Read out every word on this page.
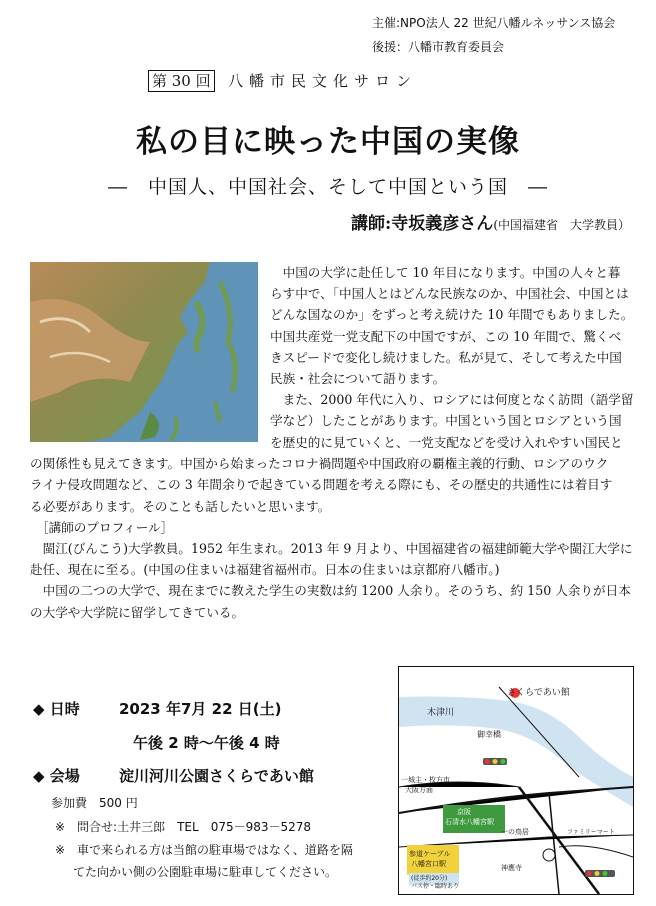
主催:NPO法人 22 世紀八幡ルネッサンス協会
後援：八幡市教育委員会
第 30 回 八幡市民文化サロン
私の目に映った中国の実像
―　中国人、中国社会、そして中国という国　―
講師:寺坂義彦さん(中国福建省　大学教員）
中国の大学に赴任して 10 年目になります。中国の人々と暮
らす中で、「中国人とはどんな民族なのか、中国社会、中国とは
どんな国なのか」をずっと考え続けた 10 年間でもありました。
中国共産党一党支配下の中国ですが、この 10 年間で、驚くべ
きスピードで変化し続けました。私が見て、そして考えた中国
民族・社会について語ります。
また、2000 年代に入り、ロシアには何度となく訪問（語学留
学など）したことがあります。中国という国とロシアという国
を歴史的に見ていくと、一党支配などを受け入れやすい国民と
の関係性も見えてきます。中国から始まったコロナ禍問題や中国政府の覇権主義的行動、ロシアのウク
ライナ侵攻問題など、この 3 年間余りで起きている問題を考える際にも、その歴史的共通性には着目す
る必要があります。そのことも話したいと思います。
［講師のプロフィール］
閩江(びんこう)大学教員。1952 年生まれ。2013 年 9 月より、中国福建省の福建師範大学や閩江大学に
赴任、現在に至る。(中国の住まいは福建省福州市。日本の住まいは京都府八幡市。)
中国の二つの大学で、現在までに教えた学生の実数は約 1200 人余り。そのうち、約 150 人余りが日本
の大学や大学院に留学してきている。
◆ 日時	2023 年7月 22 日(土)
午後 2 時～午後 4 時
◆ 会場	淀川河川公園さくらであい館
参加費　500 円
※　問合せ:土井三郎　TEL　075－983－5278
※　車で来られる方は当館の駐車場ではなく、道路を隔
てた向かい側の公園駐車場に駐車してください。
さくらであい館
木津川
御幸橋
一城主・枚方市
大阪方面
京阪
石清水八幡宮駅
参道ケーブル
八幡宮口駅
ファミリーマート
神應寺
一の鳥居
(徒歩約20分)
バス停・臨時あり
